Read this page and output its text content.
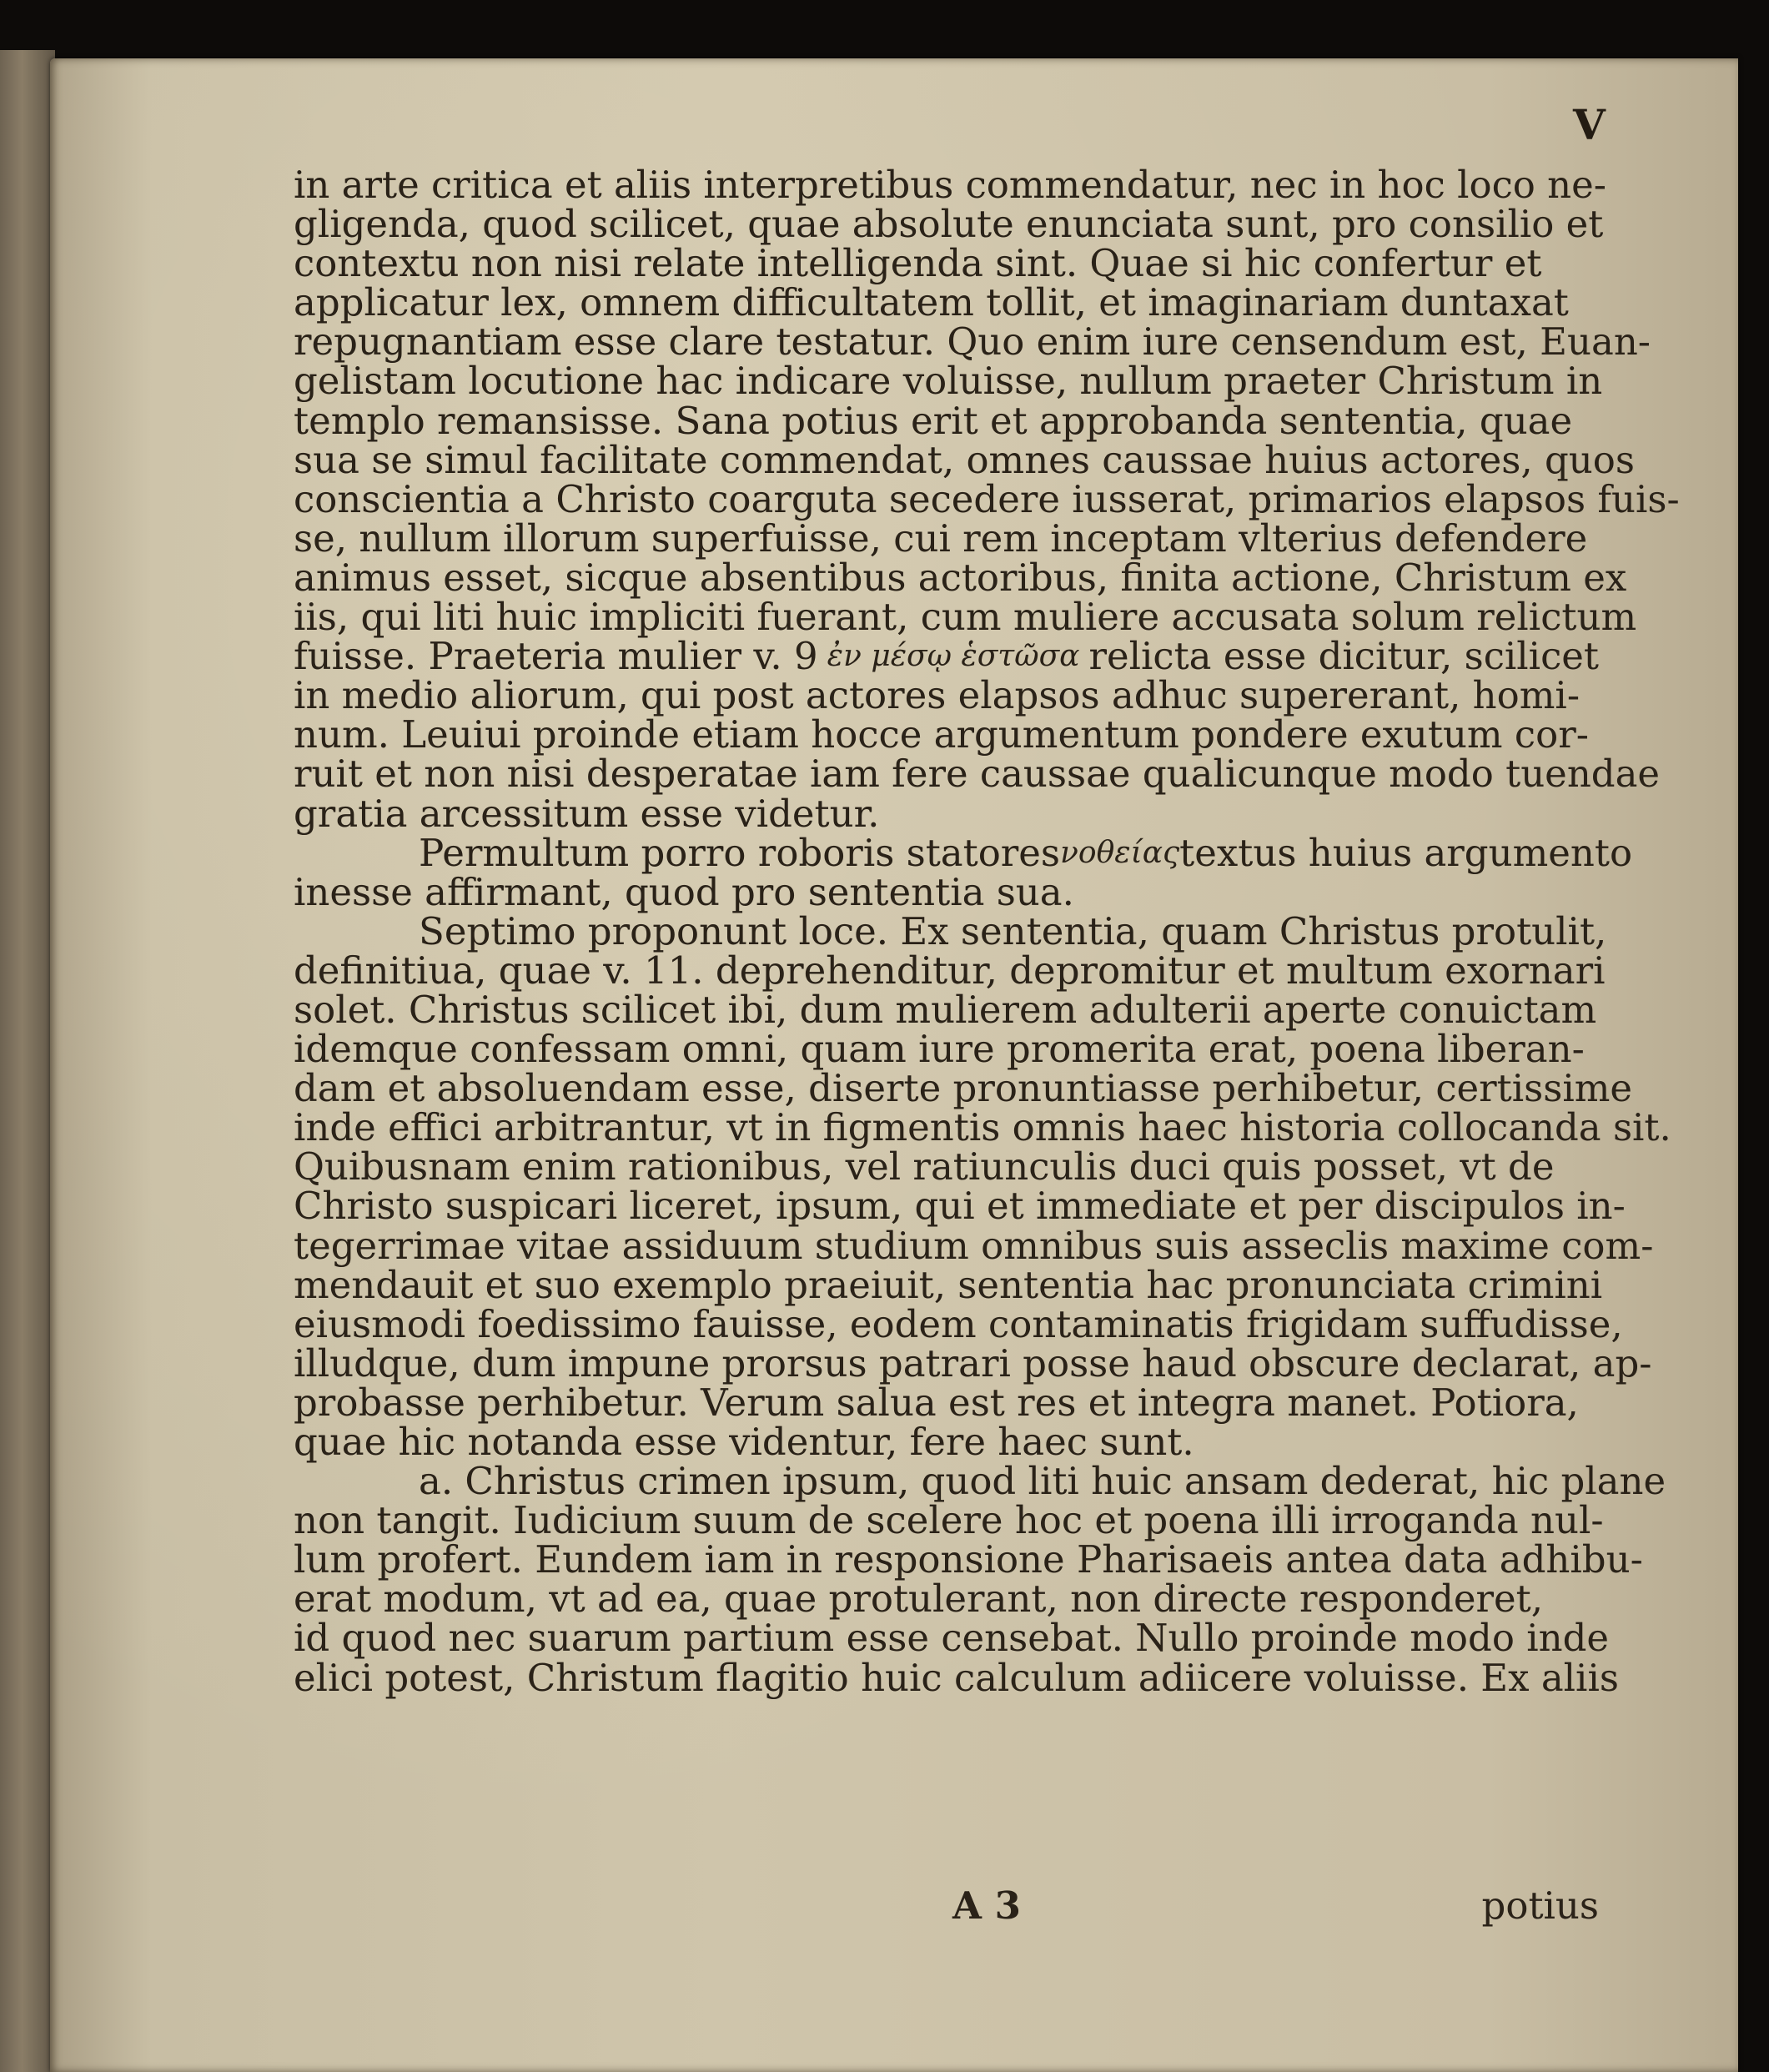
V
in arte critica et aliis interpretibus commendatur, nec in hoc loco ne-
gligenda, quod scilicet, quae absolute enunciata sunt, pro consilio et
contextu non nisi relate intelligenda sint. Quae si hic confertur et
applicatur lex, omnem difficultatem tollit, et imaginariam duntaxat
repugnantiam esse clare testatur. Quo enim iure censendum est, Euan-
gelistam locutione hac indicare voluisse, nullum praeter Christum in
templo remansisse. Sana potius erit et approbanda sententia, quae
sua se simul facilitate commendat, omnes caussae huius actores, quos
conscientia a Christo coarguta secedere iusserat, primarios elapsos fuis-
se, nullum illorum superfuisse, cui rem inceptam vlterius defendere
animus esset, sicque absentibus actoribus, finita actione, Christum ex
iis, qui liti huic impliciti fuerant, cum muliere accusata solum relictum
fuisse. Praeteria mulier v. 9 ἐν μέσῳ ἑστῶσα relicta esse dicitur, scilicet
in medio aliorum, qui post actores elapsos adhuc supererant, homi-
num. Leuiui proinde etiam hocce argumentum pondere exutum cor-
ruit et non nisi desperatae iam fere caussae qualicunque modo tuendae
gratia arcessitum esse videtur.
Permultum porro roboris statores νοθείας textus huius argumento
inesse affirmant, quod pro sententia sua.
Septimo proponunt loce. Ex sententia, quam Christus protulit,
definitiua, quae v. 11. deprehenditur, depromitur et multum exornari
solet. Christus scilicet ibi, dum mulierem adulterii aperte conuictam
idemque confessam omni, quam iure promerita erat, poena liberan-
dam et absoluendam esse, diserte pronuntiasse perhibetur, certissime
inde effici arbitrantur, vt in figmentis omnis haec historia collocanda sit.
Quibusnam enim rationibus, vel ratiunculis duci quis posset, vt de
Christo suspicari liceret, ipsum, qui et immediate et per discipulos in-
tegerrimae vitae assiduum studium omnibus suis asseclis maxime com-
mendauit et suo exemplo praeiuit, sententia hac pronunciata crimini
eiusmodi foedissimo fauisse, eodem contaminatis frigidam suffudisse,
illudque, dum impune prorsus patrari posse haud obscure declarat, ap-
probasse perhibetur. Verum salua est res et integra manet. Potiora,
quae hic notanda esse videntur, fere haec sunt.
a. Christus crimen ipsum, quod liti huic ansam dederat, hic plane
non tangit. Iudicium suum de scelere hoc et poena illi irroganda nul-
lum profert. Eundem iam in responsione Pharisaeis antea data adhibu-
erat modum, vt ad ea, quae protulerant, non directe responderet,
id quod nec suarum partium esse censebat. Nullo proinde modo inde
elici potest, Christum flagitio huic calculum adiicere voluisse. Ex aliis
A 3	potius
